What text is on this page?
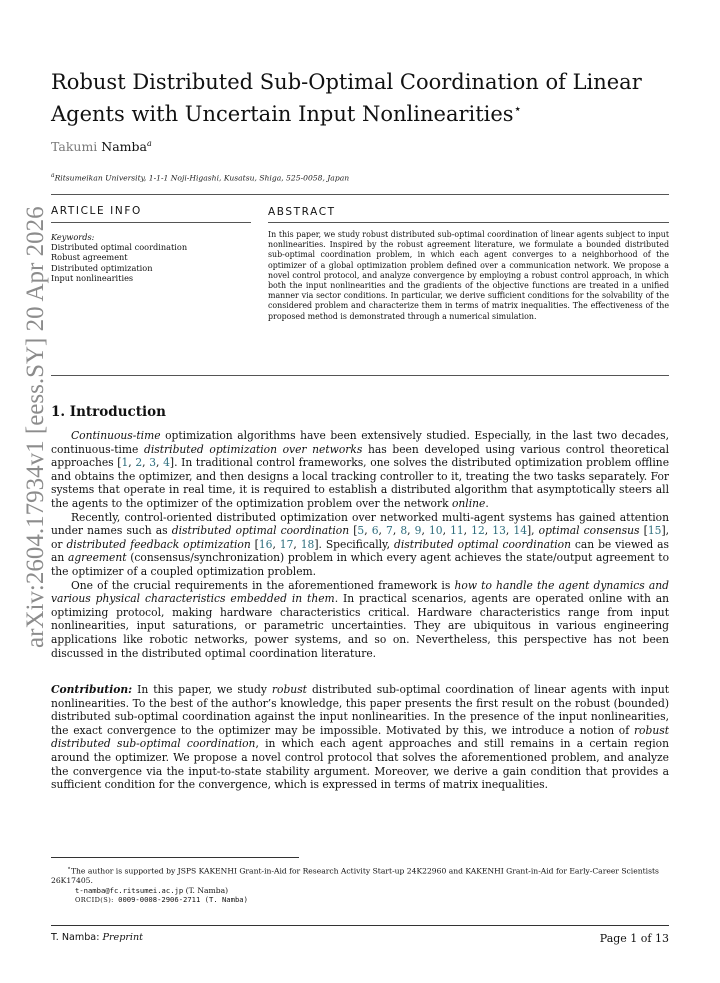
Robust Distributed Sub-Optimal Coordination of Linear
Agents with Uncertain Input Nonlinearities⋆
Takumi Namba$^a$
$^a$Ritsumeikan University, 1-1-1 Noji-Higashi, Kusatsu, Shiga, 525-0058, Japan
ARTICLE INFO
Keywords:
Distributed optimal coordination
Robust agreement
Distributed optimization
Input nonlinearities
ABSTRACT
In this paper, we study robust distributed sub-optimal coordination of linear agents subject to input nonlinearities. Inspired by the robust agreement literature, we formulate a bounded distributed sub-optimal coordination problem, in which each agent converges to a neighborhood of the optimizer of a global optimization problem defined over a communication network. We propose a novel control protocol, and analyze convergence by employing a robust control approach, in which both the input nonlinearities and the gradients of the objective functions are treated in a unified manner via sector conditions. In particular, we derive sufficient conditions for the solvability of the considered problem and characterize them in terms of matrix inequalities. The effectiveness of the proposed method is demonstrated through a numerical simulation.
arXiv:2604.17934v1 [eess.SY] 20 Apr 2026 1. Introduction

Continuous-time optimization algorithms have been extensively studied. Especially, in the last two decades, continuous-time distributed optimization over networks has been developed using various control theoretical approaches [1, 2, 3, 4]. In traditional control frameworks, one solves the distributed optimization problem offline and obtains the optimizer, and then designs a local tracking controller to it, treating the two tasks separately. For systems that operate in real time, it is required to establish a distributed algorithm that asymptotically steers all the agents to the optimizer of the optimization problem over the network online.

Recently, control-oriented distributed optimization over networked multi-agent systems has gained attention under names such as distributed optimal coordination [5, 6, 7, 8, 9, 10, 11, 12, 13, 14], optimal consensus [15], or distributed feedback optimization [16, 17, 18]. Specifically, distributed optimal coordination can be viewed as an agreement (consensus/synchronization) problem in which every agent achieves the state/output agreement to the optimizer of a coupled optimization problem.

One of the crucial requirements in the aforementioned framework is how to handle the agent dynamics and various physical characteristics embedded in them. In practical scenarios, agents are operated online with an optimizing protocol, making hardware characteristics critical. Hardware characteristics range from input nonlinearities, input saturations, or parametric uncertainties. They are ubiquitous in various engineering applications like robotic networks, power systems, and so on. Nevertheless, this perspective has not been discussed in the distributed optimal coordination literature.

Contribution: In this paper, we study robust distributed sub-optimal coordination of linear agents with input nonlinearities. To the best of the author’s knowledge, this paper presents the first result on the robust (bounded) distributed sub-optimal coordination against the input nonlinearities. In the presence of the input nonlinearities, the exact convergence to the optimizer may be impossible. Motivated by this, we introduce a notion of robust distributed sub-optimal coordination, in which each agent approaches and still remains in a certain region around the optimizer. We propose a novel control protocol that solves the aforementioned problem, and analyze the convergence via the input-to-state stability argument. Moreover, we derive a gain condition that provides a sufficient condition for the convergence, which is expressed in terms of matrix inequalities.

⋆The author is supported by JSPS KAKENHI Grant-in-Aid for Research Activity Start-up 24K22960 and KAKENHI Grant-in-Aid for Early-Career Scientists 26K17405.
t-namba@fc.ritsumei.ac.jp (T. Namba)
ORCID(S): 0009-0008-2906-2711 (T. Namba)
T. Namba: Preprint	Page 1 of 13
